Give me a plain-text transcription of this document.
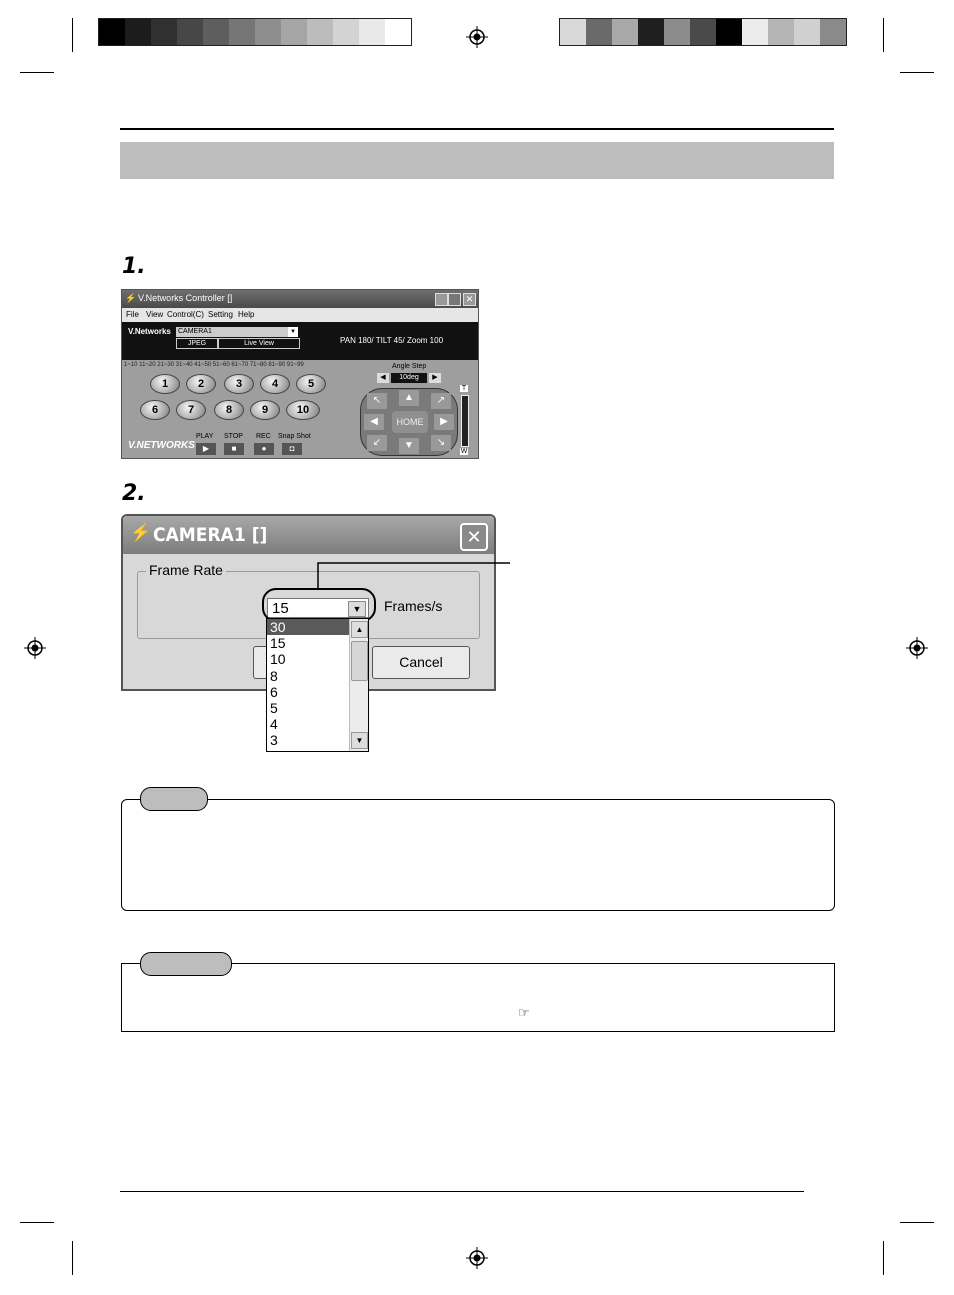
1.
⚡ V.Networks Controller []	✕
File View Control(C) Setting Help
V.Networks CAMERA1	▼
JPEG	Live View	PAN 180/ TILT 45/ Zoom 100
1~10 11~20 21~30 31~40 41~50 51~60 61~70 71~80 81~90 91~99
1	2	3	4	5
6	7	8	9	10
Angle Step
◀	10deg	▶
↖	▲	↗
◀	HOME	▶
↙	▼	↘
T
W
V.NETWORKS
PLAY STOP REC Snap Shot
▶	■	●	◘
2.
⚡ CAMERA1 []	✕
Frame Rate
15	▼	Frames/s
Cancel
30
15
10
8
6
5
4
3
▲
▼
☞
